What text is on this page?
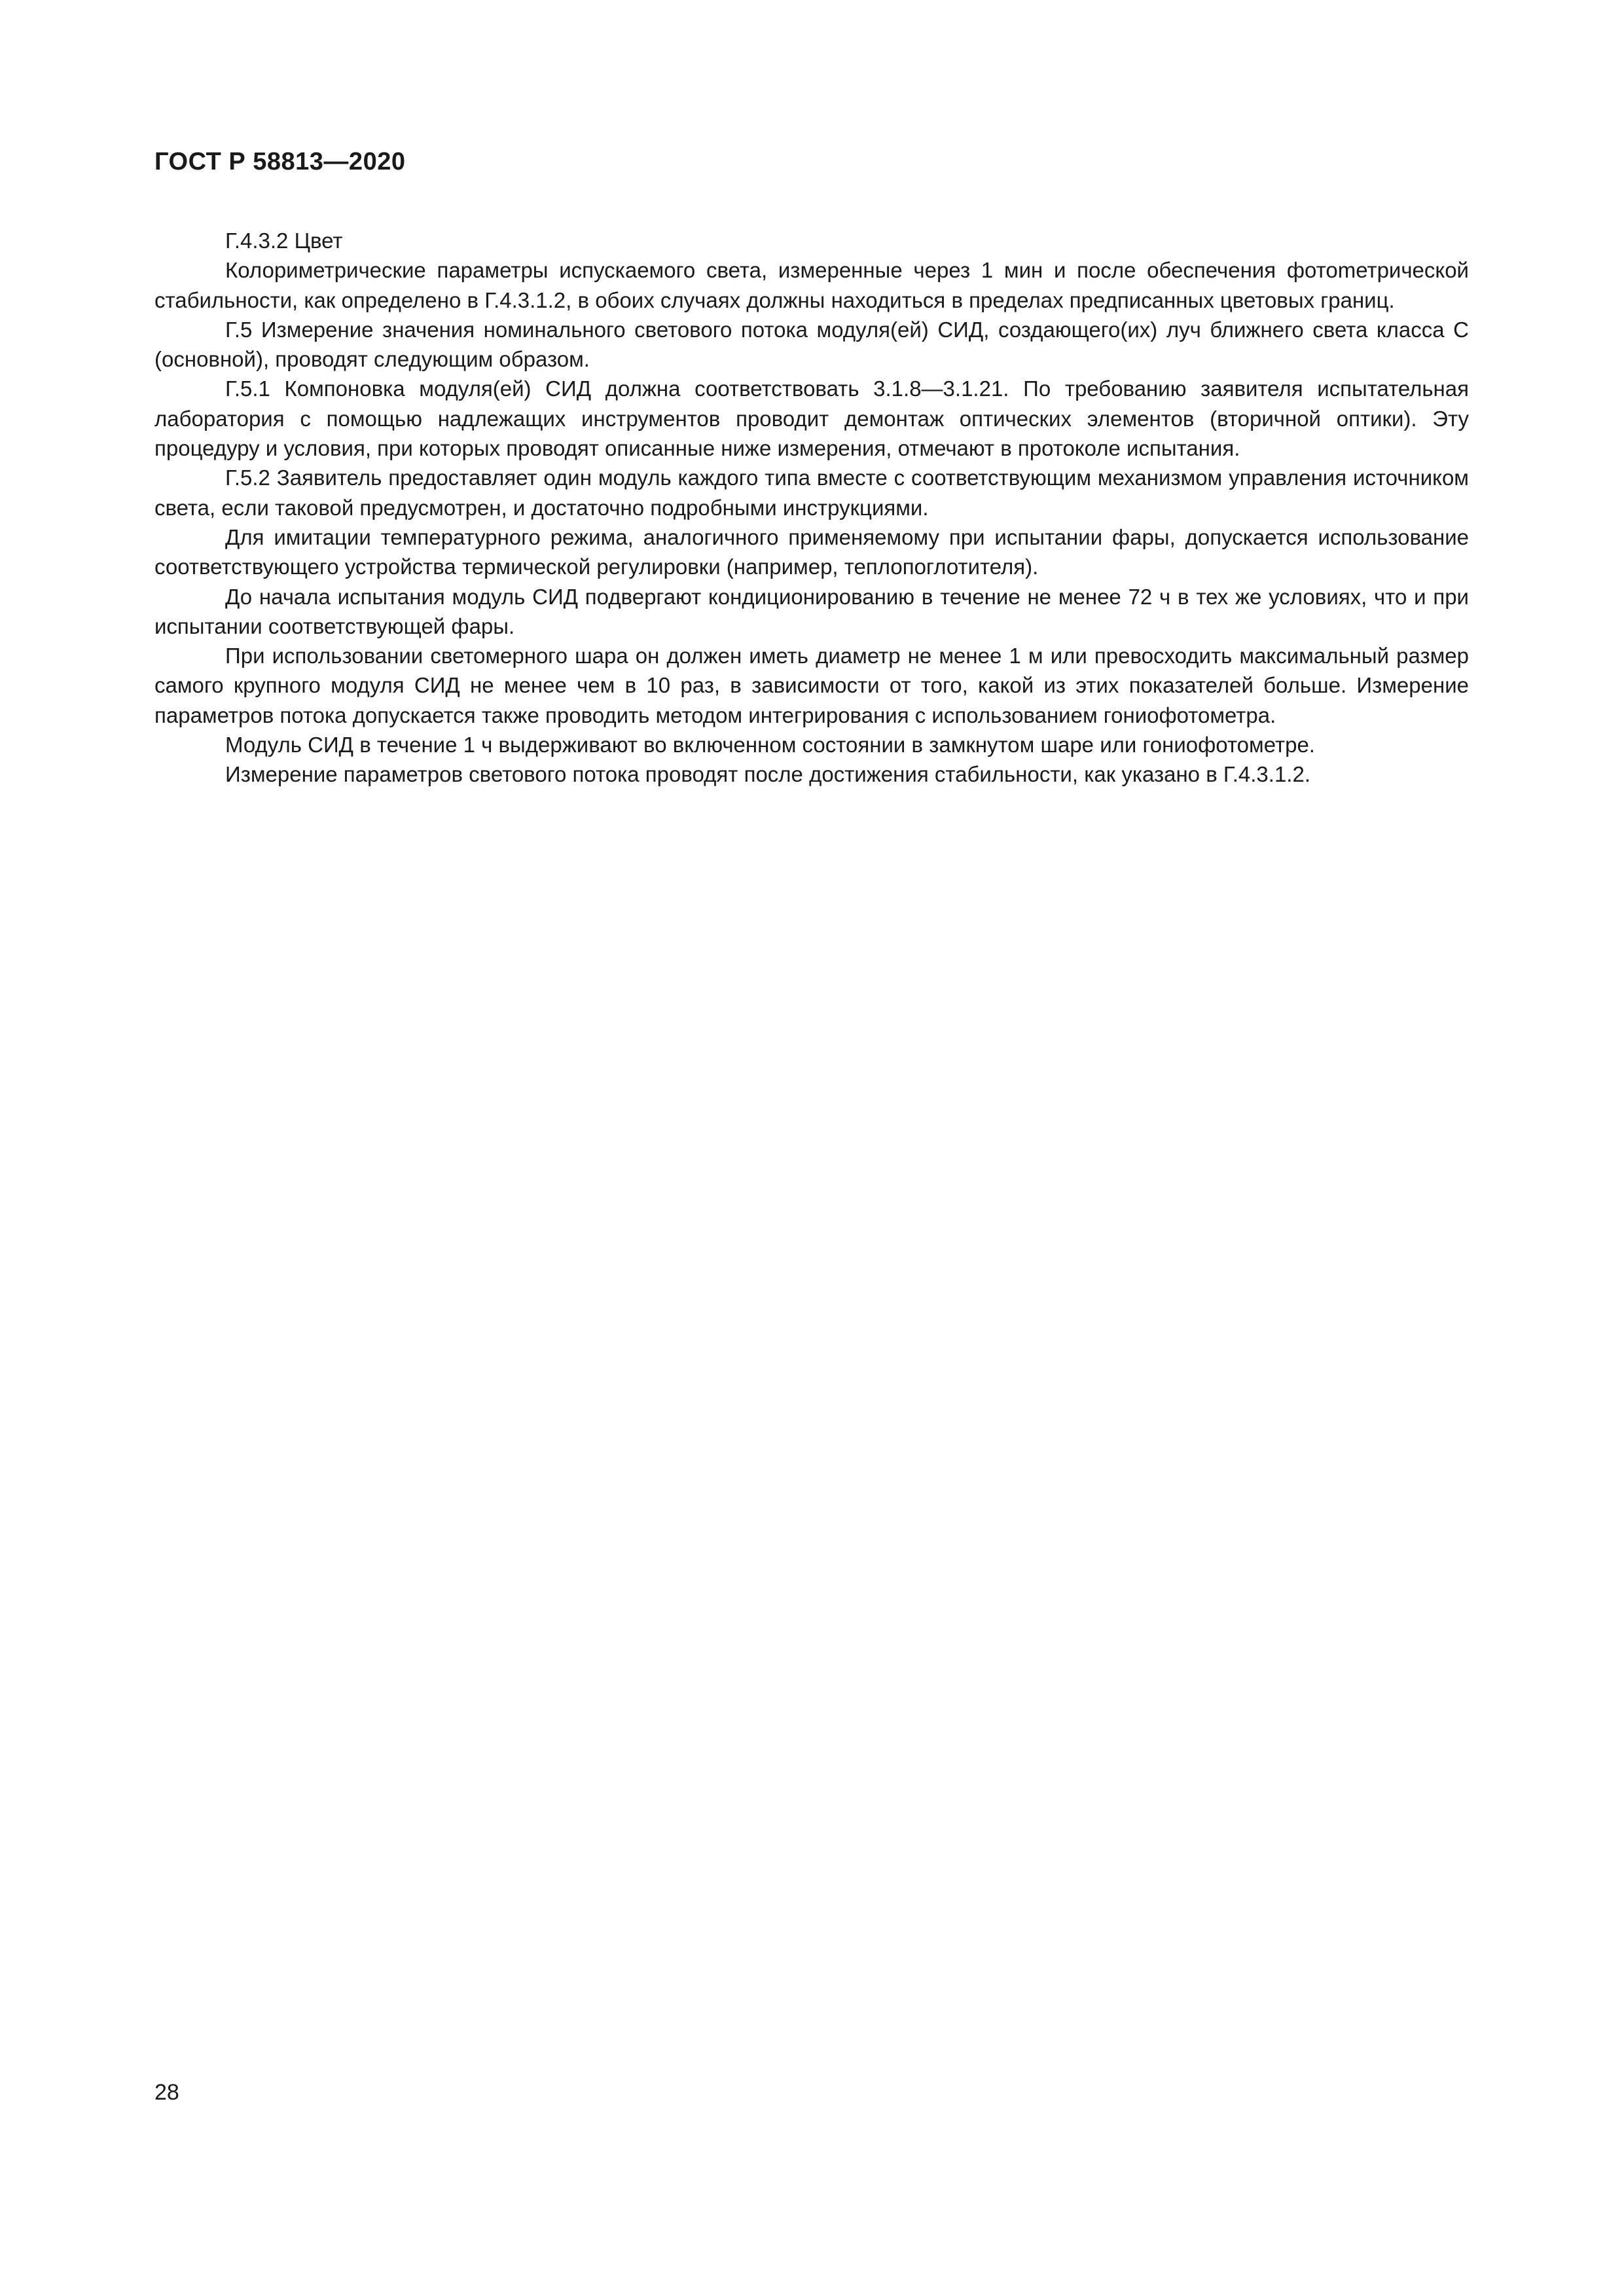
ГОСТ Р 58813—2020

Г.4.3.2 Цвет

Колориметрические параметры испускаемого света, измеренные через 1 мин и после обеспечения фотоmетрической стабильности, как определено в Г.4.3.1.2, в обоих случаях должны находиться в пределах предписанных цветовых границ.

Г.5 Измерение значения номинального светового потока модуля(ей) СИД, создающего(их) луч ближнего света класса С (основной), проводят следующим образом.

Г.5.1 Компоновка модуля(ей) СИД должна соответствовать 3.1.8—3.1.21. По требованию заявителя испытательная лаборатория с помощью надлежащих инструментов проводит демонтаж оптических элементов (вторичной оптики). Эту процедуру и условия, при которых проводят описанные ниже измерения, отмечают в протоколе испытания.

Г.5.2 Заявитель предоставляет один модуль каждого типа вместе с соответствующим механизмом управления источником света, если таковой предусмотрен, и достаточно подробными инструкциями.

Для имитации температурного режима, аналогичного применяемому при испытании фары, допускается использование соответствующего устройства термической регулировки (например, теплопоглотителя).

До начала испытания модуль СИД подвергают кондиционированию в течение не менее 72 ч в тех же условиях, что и при испытании соответствующей фары.

При использовании светомерного шара он должен иметь диаметр не менее 1 м или превосходить максимальный размер самого крупного модуля СИД не менее чем в 10 раз, в зависимости от того, какой из этих показателей больше. Измерение параметров потока допускается также проводить методом интегрирования с использованием гониофотометра.

Модуль СИД в течение 1 ч выдерживают во включенном состоянии в замкнутом шаре или гониофотометре.

Измерение параметров светового потока проводят после достижения стабильности, как указано в Г.4.3.1.2.

28
